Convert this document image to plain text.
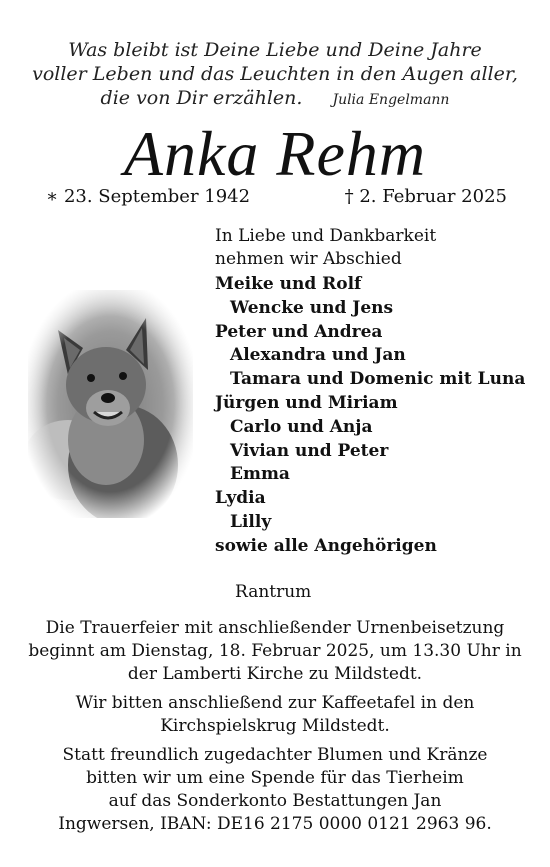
Was bleibt ist Deine Liebe und Deine Jahre
voller Leben und das Leuchten in den Augen aller,
die von Dir erzählen. Julia Engelmann
Anka Rehm
∗ 23. September 1942	† 2. Februar 2025
In Liebe und Dankbarkeit
nehmen wir Abschied
Meike und Rolf
Wencke und Jens
Peter und Andrea
Alexandra und Jan
Tamara und Domenic mit Luna
Jürgen und Miriam
Carlo und Anja
Vivian und Peter
Emma
Lydia
Lilly
sowie alle Angehörigen
Rantrum
Die Trauerfeier mit anschließender Urnenbeisetzung
beginnt am Dienstag, 18. Februar 2025, um 13.30 Uhr in
der Lamberti Kirche zu Mildstedt.
Wir bitten anschließend zur Kaffeetafel in den
Kirchspielskrug Mildstedt.
Statt freundlich zugedachter Blumen und Kränze
bitten wir um eine Spende für das Tierheim
auf das Sonderkonto Bestattungen Jan
Ingwersen, IBAN: DE16 2175 0000 0121 2963 96.
